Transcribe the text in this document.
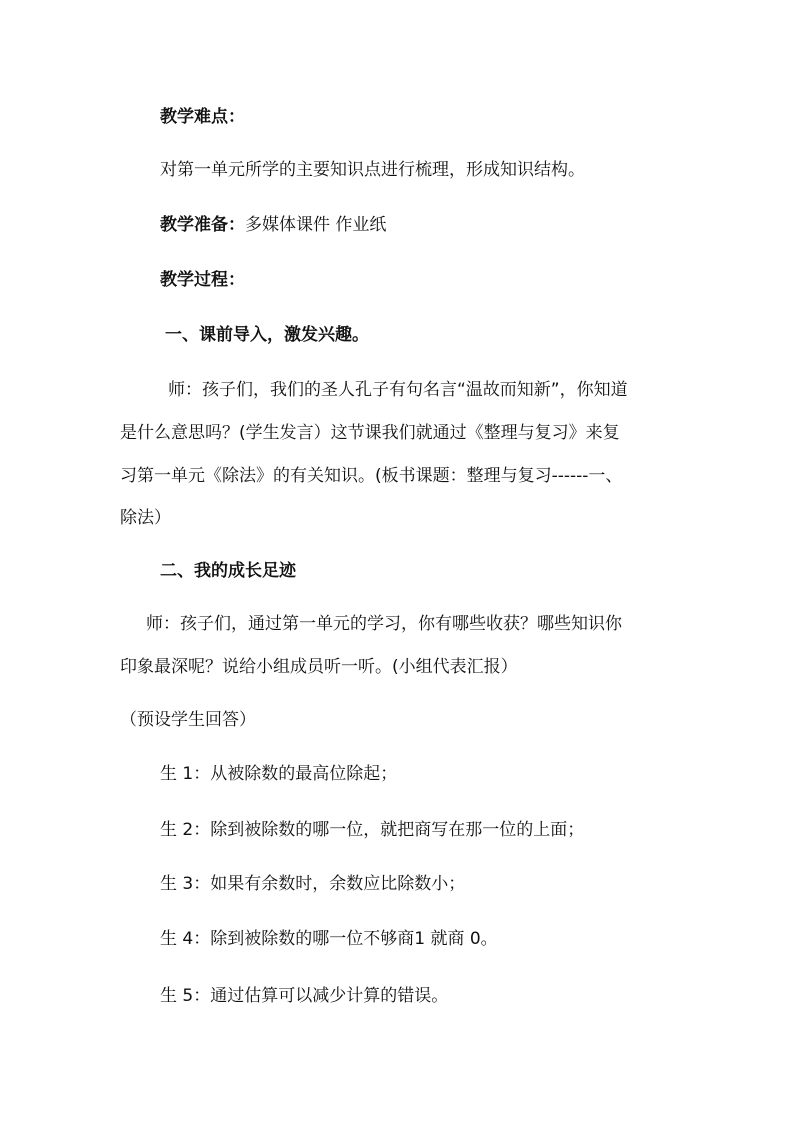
教学难点：
对第一单元所学的主要知识点进行梳理，形成知识结构。
教学准备：多媒体课件 作业纸
教学过程：
一、课前导入，激发兴趣。
师：孩子们，我们的圣人孔子有句名言“温故而知新”，你知道
是什么意思吗？(学生发言）这节课我们就通过《整理与复习》来复
习第一单元《除法》的有关知识。(板书课题：整理与复习------一、
除法）
二、我的成长足迹
师：孩子们，通过第一单元的学习，你有哪些收获？哪些知识你
印象最深呢？说给小组成员听一听。(小组代表汇报）
（预设学生回答）
生 1：从被除数的最高位除起；
生 2：除到被除数的哪一位，就把商写在那一位的上面；
生 3：如果有余数时，余数应比除数小；
生 4：除到被除数的哪一位不够商1 就商 0。
生 5：通过估算可以减少计算的错误。
